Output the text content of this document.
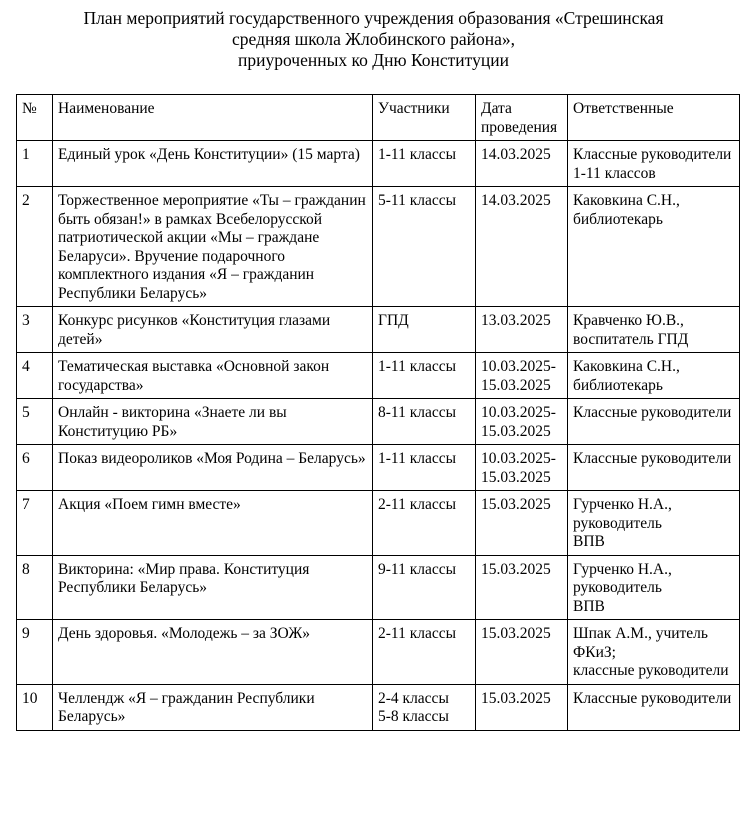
План мероприятий государственного учреждения образования «Стрешинская
средняя школа Жлобинского района»,
приуроченных ко Дню Конституции
№	Наименование	Участники	Дата
проведения	Ответственные
1	Единый урок «День Конституции» (15 марта)	1-11 классы	14.03.2025	Классные руководители 1-11 классов

2	Торжественное мероприятие «Ты – гражданин быть обязан!» в рамках Всебелорусской патриотической акции «Мы – граждане Беларуси». Вручение подарочного комплектного издания «Я – гражданин Республики Беларусь»	5-11 классы	14.03.2025	Каковкина С.Н., библиотекарь

3	Конкурс рисунков «Конституция глазами детей»	ГПД	13.03.2025	Кравченко Ю.В., воспитатель ГПД

4	Тематическая выставка «Основной закон государства»	1-11 классы	10.03.2025-
15.03.2025	Каковкина С.Н., библиотекарь

5	Онлайн - викторина «Знаете ли вы Конституцию РБ»	8-11 классы	10.03.2025-
15.03.2025	Классные руководители

6	Показ видеороликов «Моя Родина – Беларусь»	1-11 классы	10.03.2025-
15.03.2025	Классные руководители

7	Акция «Поем гимн вместе»	2-11 классы	15.03.2025	Гурченко Н.А., руководитель
ВПВ

8	Викторина: «Мир права. Конституция Республики Беларусь»	9-11 классы	15.03.2025	Гурченко Н.А., руководитель
ВПВ

9	День здоровья. «Молодежь – за ЗОЖ»	2-11 классы	15.03.2025	Шпак А.М., учитель ФКиЗ;
классные руководители

10	Челлендж «Я – гражданин Республики Беларусь»	2-4 классы
5-8 классы	15.03.2025	Классные руководители
